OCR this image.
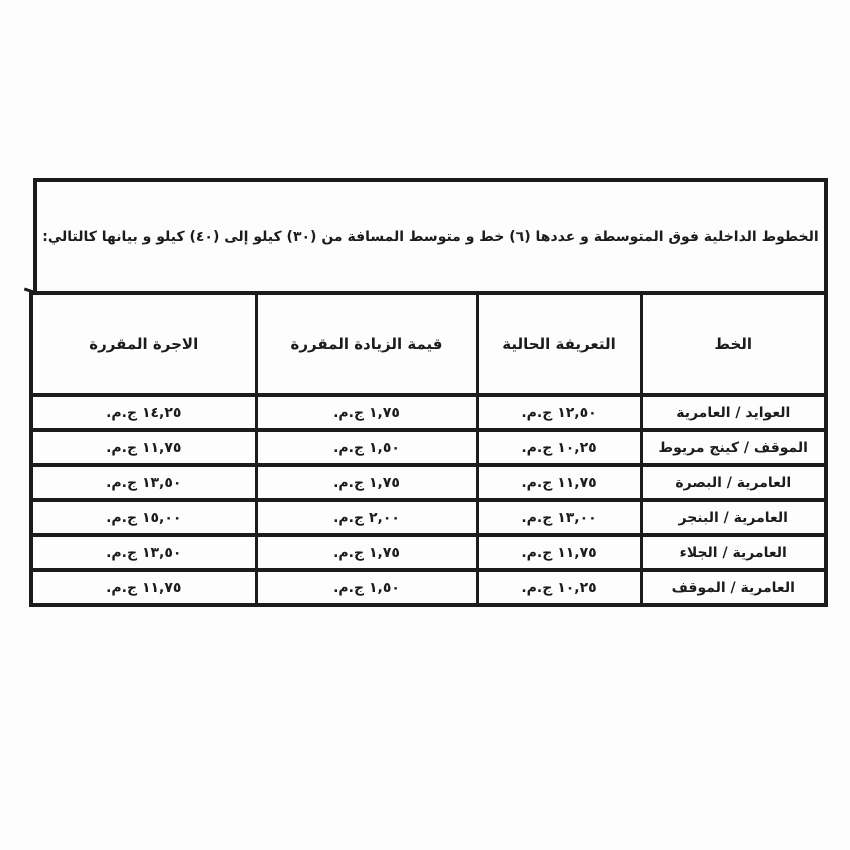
الخطوط الداخلية فوق المتوسطة و عددها (٦) خط و متوسط المسافة من (٣٠) كيلو إلى (٤٠) كيلو و بيانها كالتالي:
الخط	التعريفة الحالية	قيمة الزيادة المقررة	الاجرة المقررة
العوايد / العامرية	١٢,٥٠ ج.م.	١,٧٥ ج.م.	١٤,٢٥ ج.م.
الموقف / كينج مريوط	١٠,٢٥ ج.م.	١,٥٠ ج.م.	١١,٧٥ ج.م.
العامرية / البصرة	١١,٧٥ ج.م.	١,٧٥ ج.م.	١٣,٥٠ ج.م.
العامرية / البنجر	١٣,٠٠ ج.م.	٢,٠٠ ج.م.	١٥,٠٠ ج.م.
العامرية / الجلاء	١١,٧٥ ج.م.	١,٧٥ ج.م.	١٣,٥٠ ج.م.
العامرية / الموقف	١٠,٢٥ ج.م.	١,٥٠ ج.م.	١١,٧٥ ج.م.
